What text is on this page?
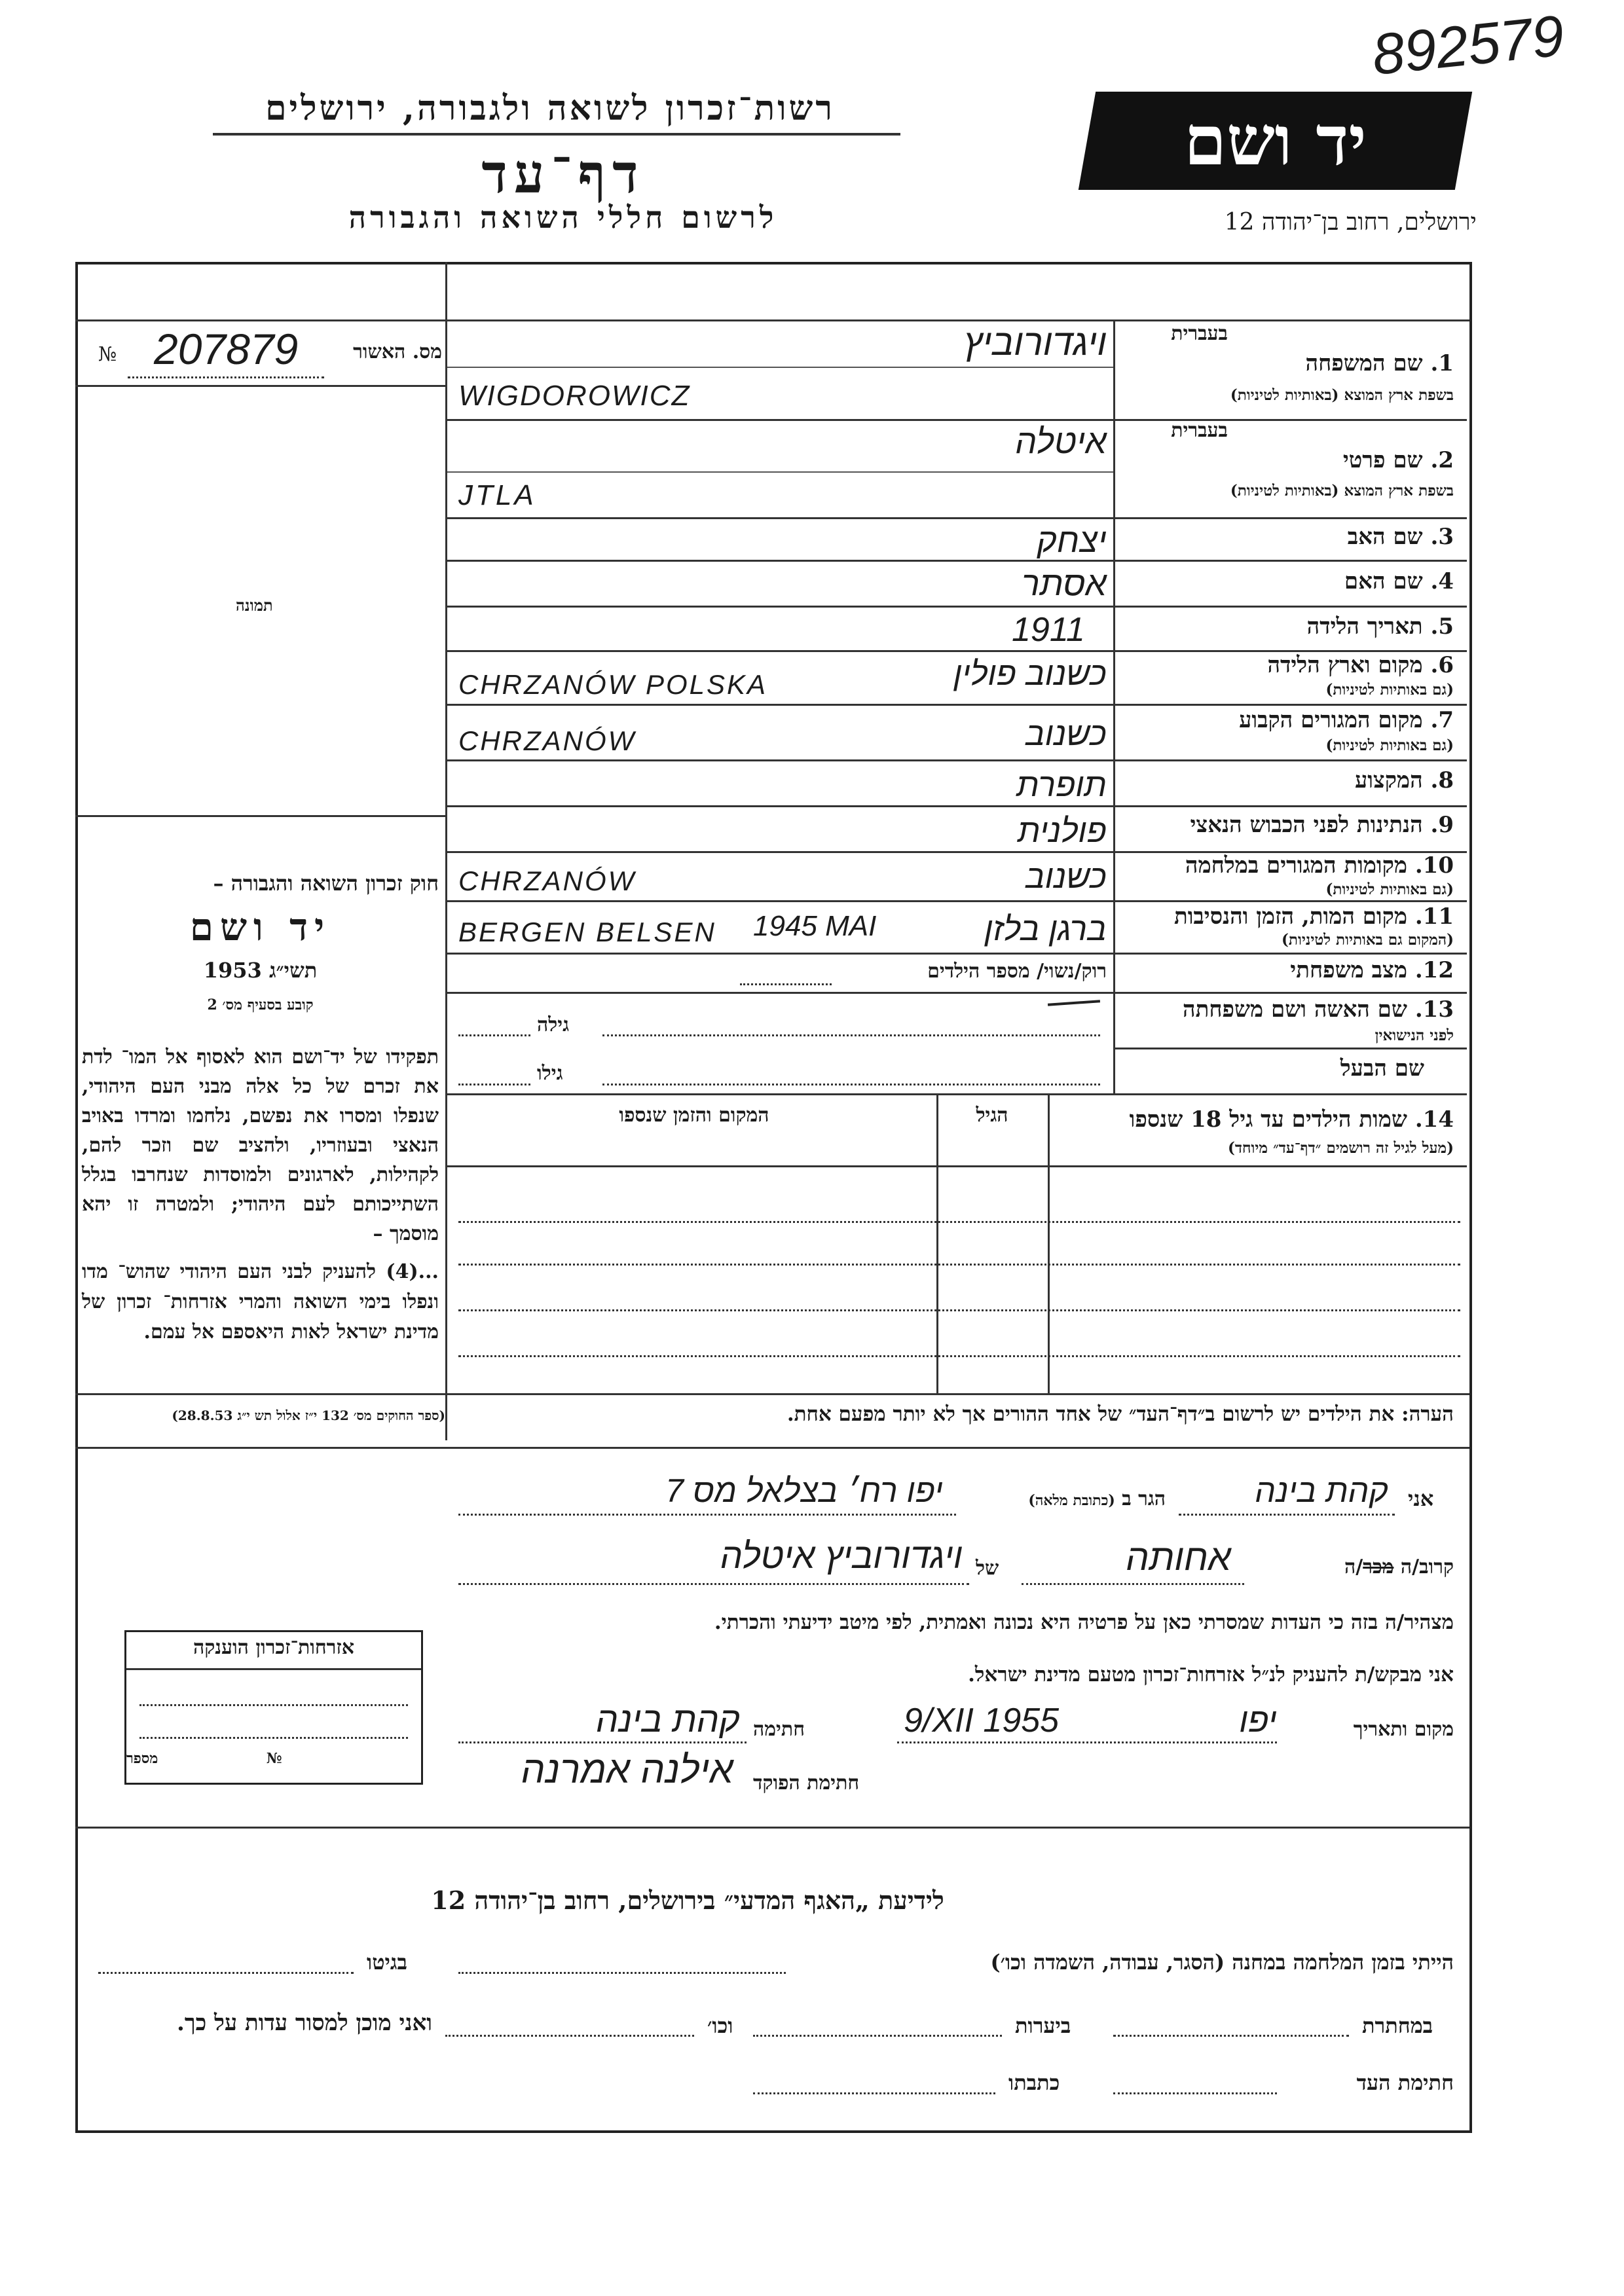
892579
רשות־זכרון לשואה ולגבורה, ירושלים
דף־עד
לרשום חללי השואה והגבורה
יד ושם
ירושלים, רחוב בן־יהודה 12
מס. האשור
207879
№
תמונה
חוק זכרון השואה והגבורה –
יד ושם
תשי״ג 1953
קובע בסעיף מס׳ 2
תפקידו של יד־ושם הוא לאסוף אל המו־ לדת את זכרם של כל אלה מבני העם היהודי, שנפלו ומסרו את נפשם, נלחמו ומרדו באויב הנאצי ובעוזריו, ולהציב שם וזכר להם, לקהילות, לארגונים ולמוסדות שנחרבו בגלל השתייכותם לעם היהודי; ולמטרה זו יהא מוסמך –
...(4) להעניק לבני העם היהודי שהוש־ מדו ונפלו בימי השואה והמרי אזרחות־ זכרון של מדינת ישראל לאות היאספם אל עמם.
(ספר החוקים מס׳ 132 י״ז אלול תש י״ג 28.8.53)
בעברית
1. שם המשפחה
בשפת ארץ המוצא (באותיות לטיניות)
ויגדורוביץ
WIGDOROWICZ
בעברית
2. שם פרטי
בשפת ארץ המוצא (באותיות לטיניות)
איטלה
JTLA
3. שם האב
יצחק
4. שם האם
אסתר
5. תאריך הלידה
1911
6. מקום וארץ הלידה
(גם באותיות לטיניות)
כשנוב פולין
CHRZANÓW POLSKA
7. מקום המגורים הקבוע
(גם באותיות לטיניות)
כשנוב
CHRZANÓW
8. המקצוע
תופרת
9. הנתינות לפני הכבוש הנאצי
פולנית
10. מקומות המגורים במלחמה
(גם באותיות לטיניות)
כשנוב
CHRZANÓW
11. מקום המות, הזמן והנסיבות
(המקום גם באותיות לטיניות)
ברגן בלזן
1945 MAI
BERGEN BELSEN
12. מצב משפחתי
רוק/נשוי/ מספר הילדים
13. שם האשה ושם משפחתה
לפני הנישואין
גילה
שם הבעל
גילו
14. שמות הילדים עד גיל 18 שנספו
(מעל לגיל זה רושמים ״דף־עד״ מיוחד)
הגיל
המקום והזמן שנספו
הערה: את הילדים יש לרשום ב״דף־העד״ של אחד ההורים אך לא יותר מפעם אחת.
אני
קהת בינה
הגר ב (כתובת מלאה)
יפו רח׳ בצלאל מס 7
קרוב/ה מכר/ה
אחותה
של
ויגדורוביץ איטלה
מצהיר/ה בזה כי העדות שמסרתי כאן על פרטיה היא נכונה ואמתית, לפי מיטב ידיעתי והכרתי.
אני מבקש/ת להעניק לנ״ל אזרחות־זכרון מטעם מדינת ישראל.
מקום ותאריך
יפו
9/XII 1955
חתימה
קהת בינה
חתימת הפוקד
אילנה אמרנה
אזרחות־זכרון הוענקה
№  מספר
לידיעת „האגף המדעי״ בירושלים, רחוב בן־יהודה 12
הייתי בזמן המלחמה במחנה (הסגר, עבודה, השמדה וכו׳)
בגיטו
במחתרת
ביערות
וכו׳
ואני מוכן למסור עדות על כך.
חתימת העד
כתבתו
